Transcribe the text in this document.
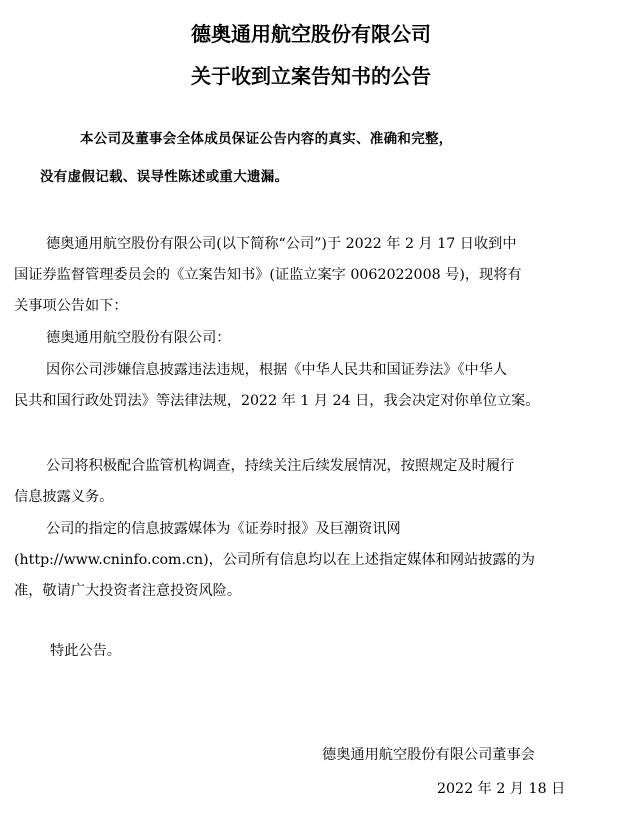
德奥通用航空股份有限公司
关于收到立案告知书的公告
本公司及董事会全体成员保证公告内容的真实、准确和完整，
没有虚假记载、误导性陈述或重大遗漏。
德奥通用航空股份有限公司(以下简称“公司”)于 2022 年 2 月 17 日收到中
国证券监督管理委员会的《立案告知书》(证监立案字 0062022008 号)，现将有
关事项公告如下：
德奥通用航空股份有限公司：
因你公司涉嫌信息披露违法违规，根据《中华人民共和国证券法》《中华人
民共和国行政处罚法》等法律法规，2022 年 1 月 24 日，我会决定对你单位立案。
公司将积极配合监管机构调查，持续关注后续发展情况，按照规定及时履行
信息披露义务。
公司的指定的信息披露媒体为《证券时报》及巨潮资讯网
(http://www.cninfo.com.cn)，公司所有信息均以在上述指定媒体和网站披露的为
准，敬请广大投资者注意投资风险。
特此公告。
德奥通用航空股份有限公司董事会
2022 年 2 月 18 日
